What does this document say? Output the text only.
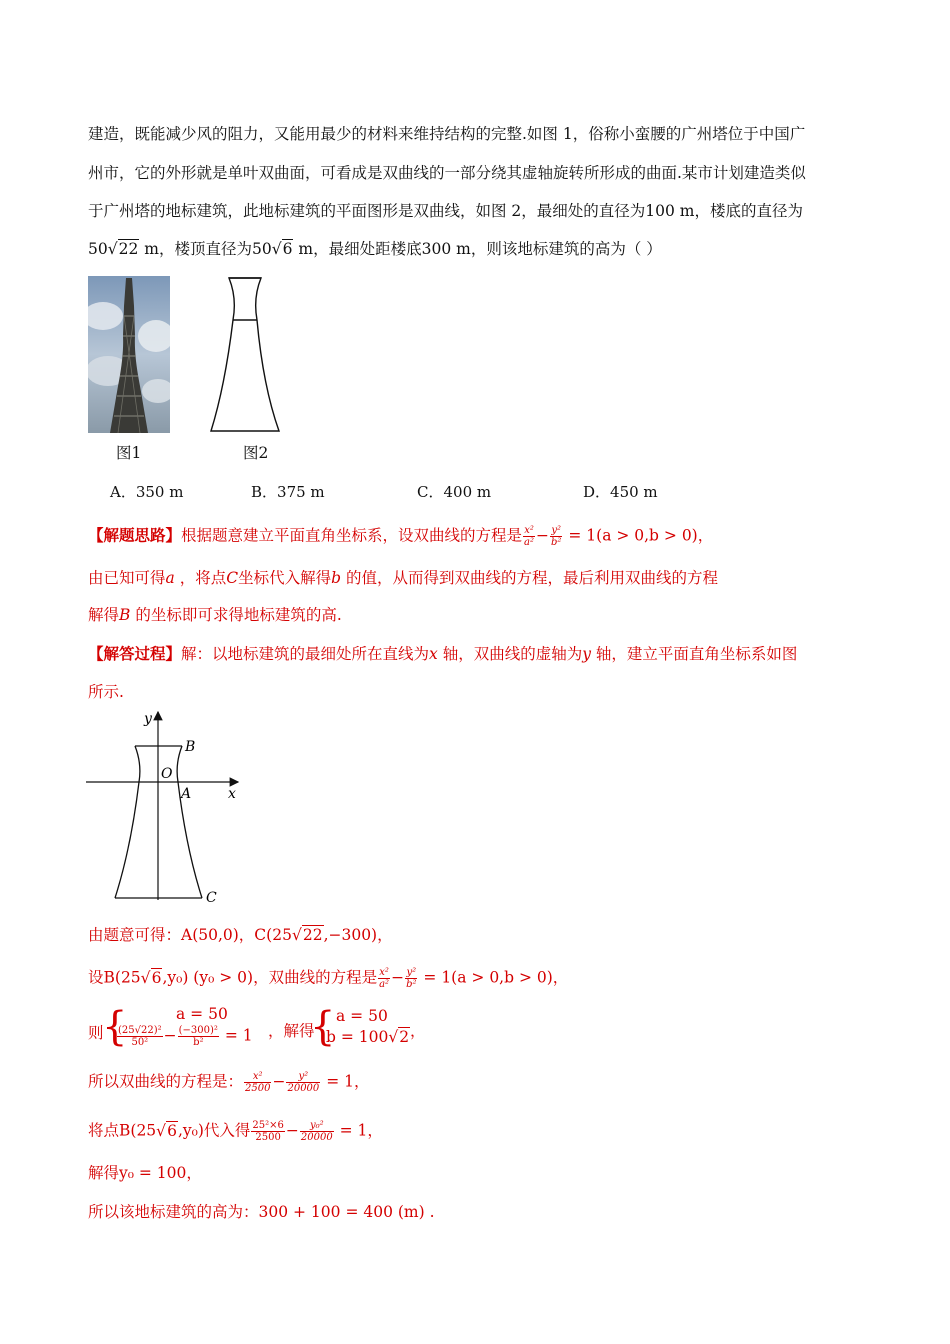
建造，既能减少风的阻力，又能用最少的材料来维持结构的完整.如图 1，俗称小蛮腰的广州塔位于中国广
州市，它的外形就是单叶双曲面，可看成是双曲线的一部分绕其虚轴旋转所形成的曲面.某市计划建造类似
于广州塔的地标建筑，此地标建筑的平面图形是双曲线，如图 2，最细处的直径为100 m，楼底的直径为
50√22 m，楼顶直径为50√6 m，最细处距楼底300 m，则该地标建筑的高为（ ）
图1	图2
A．350 m	B．375 m	C．400 m	D．450 m
【解题思路】根据题意建立平面直角坐标系，设双曲线的方程是 $\frac{\text{x²}}{\text{a²}} - \frac{\text{y²}}{\text{b²}} = 1(a > 0,b > 0)$，
由已知可得a ，将点C坐标代入解得b 的值，从而得到双曲线的方程，最后利用双曲线的方程
解得B 的坐标即可求得地标建筑的高.
【解答过程】解：以地标建筑的最细处所在直线为x 轴，双曲线的虚轴为y 轴，建立平面直角坐标系如图
所示.
y
x
O
A
B
C
由题意可得：A(50,0)，C(25√22,−300)，
设B(25√6,y₀) (y₀ > 0)，双曲线的方程是 $\frac{\text{x²}}{\text{a²}} - \frac{\text{y²}}{\text{b²}} = 1(a > 0,b > 0)$，
则
{	a = 50
$\frac{\text{(25√22)²}}{\text{50²}} - \frac{\text{(−300)²}}{\text{b²}} = 1$ ，解得
{ a = 50
b = 100√2 ，
所以双曲线的方程是： $\frac{\text{x²}}{2500} - \frac{\text{y²}}{20000} = 1$，
将点B(25√6,y₀)代入得 $\frac{\text{25²×6}}{2500} - \frac{\text{y₀²}}{20000} = 1$，
解得y₀ = 100，
所以该地标建筑的高为：300 + 100 = 400 (m) .
